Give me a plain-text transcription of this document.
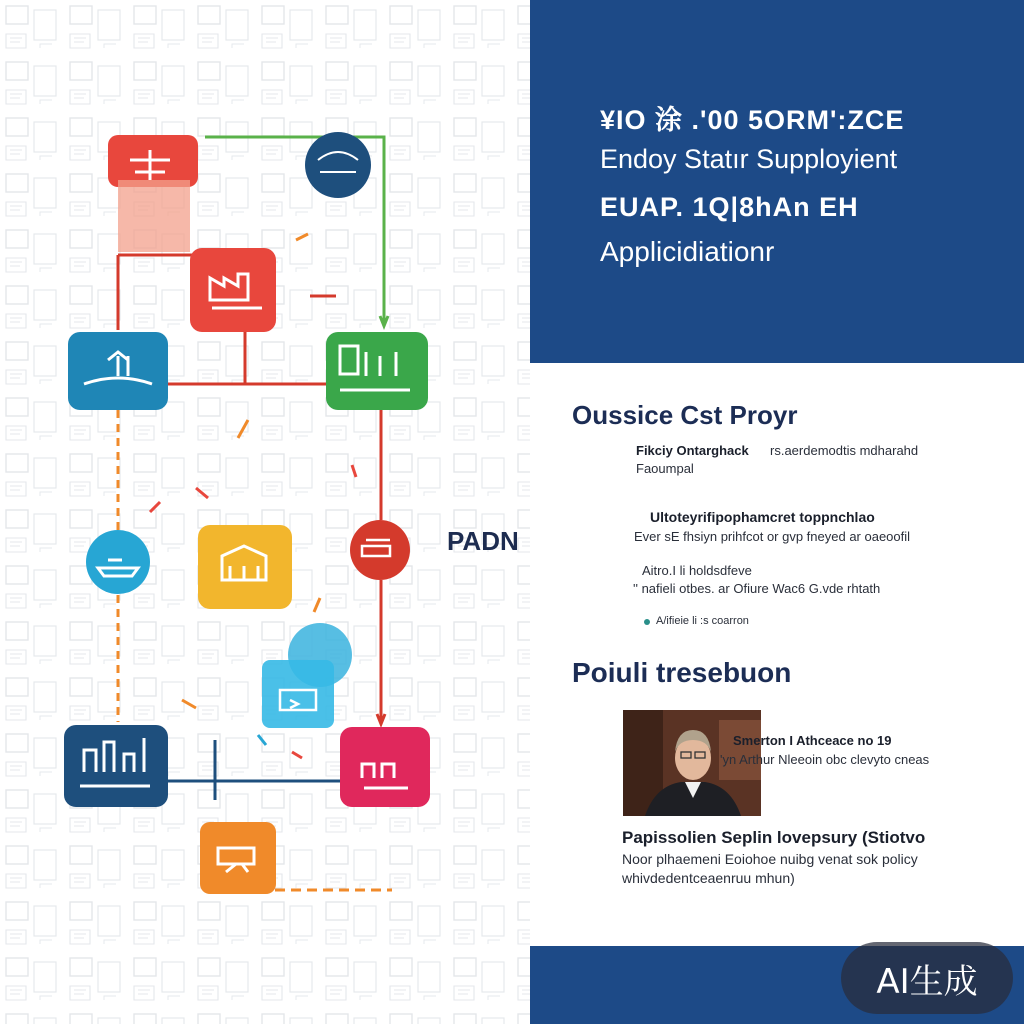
PADN
¥IO 涂 .'00 5ORM':ZCE
Endoy Statır Supployient
EUAP. 1Q|8hAn EH
Applicidiationr
Oussice Cst Proyr
Fikciy Ontarghack rs.aerdemodtis mdharahd
Faoumpal
Ultoteyrifipophamcret toppnchlao
Ever sE fhsiyn prihfcot or gvp fneyed ar oaeoofil
Aitro.I li holdsdfeve
'' nafieli otbes. ar Ofiure Wac6 G.vde rhtath
A/ifieie li :s coarron
Poiuli tresebuon
Smerton I Athceace no 19
'yn Arthur Nleeoin obc clevyto cneas
Papissolien Seplin lovepsury (Stiotvo
Noor plhaemeni Eoiohoe nuibg venat sok policy
whivdedentceaenruu mhun)
AI生成
